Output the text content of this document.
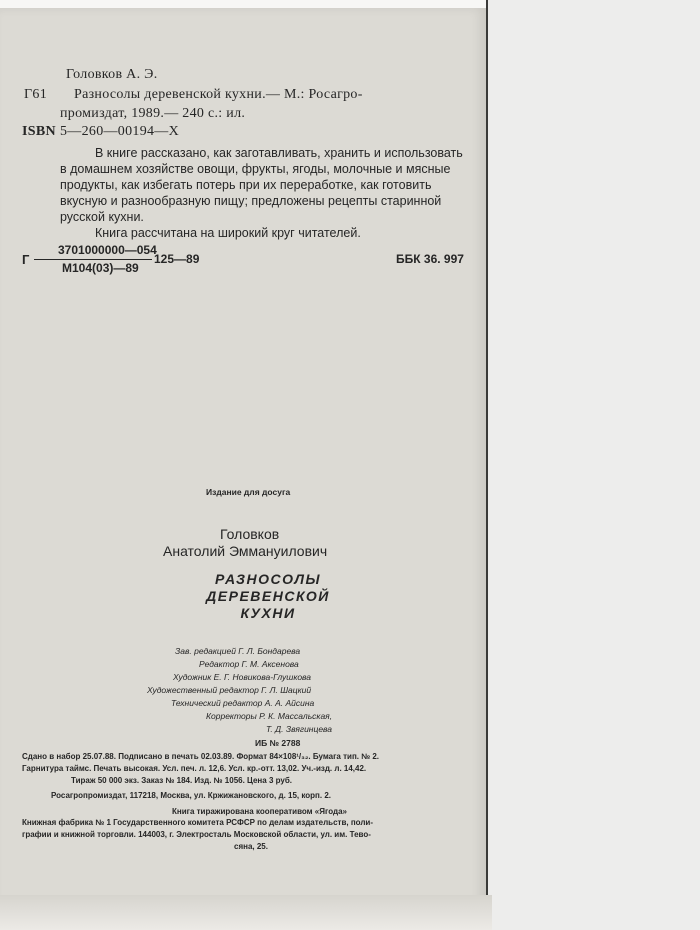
Головков А. Э.
Г61 Разносолы деревенской кухни.— М.: Росагро-
промиздат, 1989.— 240 с.: ил.
ISBN 5—260—00194—Х
В книге рассказано, как заготавливать, хранить и использовать
в домашнем хозяйстве овощи, фрукты, ягоды, молочные и мясные
продукты, как избегать потерь при их переработке, как готовить
вкусную и разнообразную пищу; предложены рецепты старинной
русской кухни.
Книга рассчитана на широкий круг читателей.
Г
3701000000—054
М104(03)—89
125—89	ББК 36. 997
Издание для досуга
Головков
Анатолий Эммануилович
РАЗНОСОЛЫ
ДЕРЕВЕНСКОЙ
КУХНИ
Зав. редакцией Г. Л. Бондарева
Редактор Г. М. Аксенова
Художник Е. Г. Новикова-Глушкова
Художественный редактор Г. Л. Шацкий
Технический редактор А. А. Айсина
Корректоры Р. К. Массальская,
Т. Д. Звягинцева
ИБ № 2788
Сдано в набор 25.07.88. Подписано в печать 02.03.89. Формат 84×108¹/₃₂. Бумага тип. № 2.
Гарнитура таймс. Печать высокая. Усл. печ. л. 12,6. Усл. кр.-отт. 13,02. Уч.-изд. л. 14,42.
Тираж 50 000 экз. Заказ № 184. Изд. № 1056. Цена 3 руб.
Росагропромиздат, 117218, Москва, ул. Кржижановского, д. 15, корп. 2.
Книга тиражирована кооперативом «Ягода»
Книжная фабрика № 1 Государственного комитета РСФСР по делам издательств, поли-
графии и книжной торговли. 144003, г. Электросталь Московской области, ул. им. Тево-
сяна, 25.
